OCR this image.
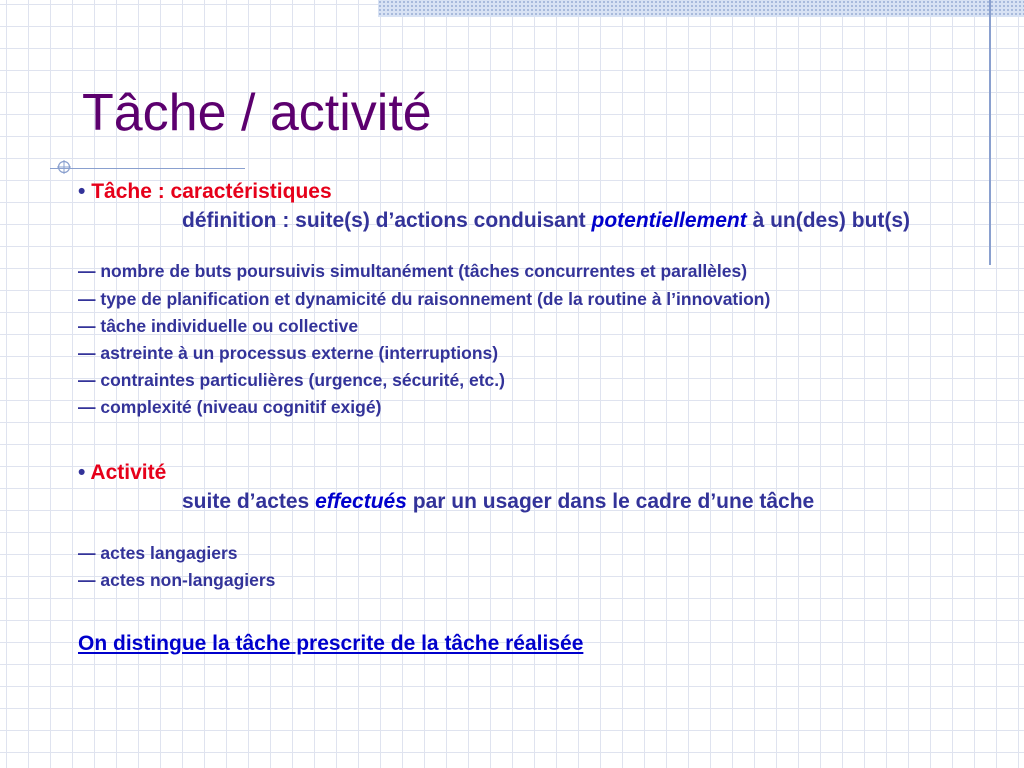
Tâche / activité
• Tâche : caractéristiques
définition : suite(s) d’actions conduisant potentiellement à un(des) but(s)
— nombre de buts poursuivis simultanément (tâches concurrentes et parallèles)
— type de planification et dynamicité du raisonnement (de la routine à l’innovation)
— tâche individuelle ou collective
— astreinte à un processus externe (interruptions)
— contraintes particulières (urgence, sécurité, etc.)
— complexité (niveau cognitif exigé)
• Activité
suite d’actes effectués par un usager dans le cadre d’une tâche
— actes langagiers
— actes non-langagiers
On distingue la tâche prescrite de la tâche réalisée
